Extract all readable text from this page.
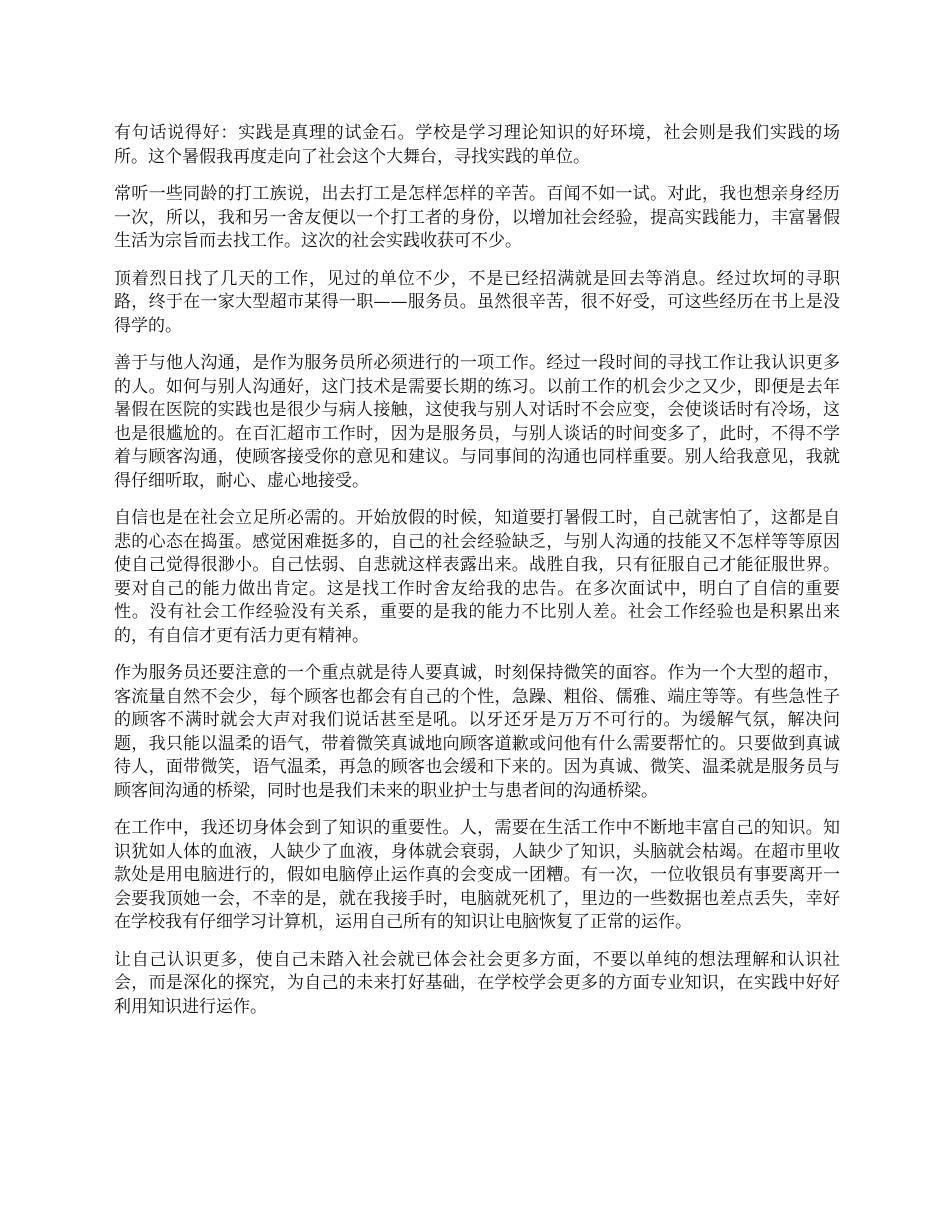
有句话说得好：实践是真理的试金石。学校是学习理论知识的好环境，社会则是我们实践的场所。这个暑假我再度走向了社会这个大舞台，寻找实践的单位。

常听一些同龄的打工族说，出去打工是怎样怎样的辛苦。百闻不如一试。对此，我也想亲身经历一次，所以，我和另一舍友便以一个打工者的身份，以增加社会经验，提高实践能力，丰富暑假生活为宗旨而去找工作。这次的社会实践收获可不少。

顶着烈日找了几天的工作，见过的单位不少，不是已经招满就是回去等消息。经过坎坷的寻职路，终于在一家大型超市某得一职——服务员。虽然很辛苦，很不好受，可这些经历在书上是没得学的。

善于与他人沟通，是作为服务员所必须进行的一项工作。经过一段时间的寻找工作让我认识更多的人。如何与别人沟通好，这门技术是需要长期的练习。以前工作的机会少之又少，即便是去年暑假在医院的实践也是很少与病人接触，这使我与别人对话时不会应变，会使谈话时有冷场，这也是很尴尬的。在百汇超市工作时，因为是服务员，与别人谈话的时间变多了，此时，不得不学着与顾客沟通，使顾客接受你的意见和建议。与同事间的沟通也同样重要。别人给我意见，我就得仔细听取，耐心、虚心地接受。

自信也是在社会立足所必需的。开始放假的时候，知道要打暑假工时，自己就害怕了，这都是自悲的心态在捣蛋。感觉困难挺多的，自己的社会经验缺乏，与别人沟通的技能又不怎样等等原因使自己觉得很渺小。自己怯弱、自悲就这样表露出来。战胜自我，只有征服自己才能征服世界。要对自己的能力做出肯定。这是找工作时舍友给我的忠告。在多次面试中，明白了自信的重要性。没有社会工作经验没有关系，重要的是我的能力不比别人差。社会工作经验也是积累出来的，有自信才更有活力更有精神。

作为服务员还要注意的一个重点就是待人要真诚，时刻保持微笑的面容。作为一个大型的超市，客流量自然不会少，每个顾客也都会有自己的个性，急躁、粗俗、儒雅、端庄等等。有些急性子的顾客不满时就会大声对我们说话甚至是吼。以牙还牙是万万不可行的。为缓解气氛，解决问题，我只能以温柔的语气，带着微笑真诚地向顾客道歉或问他有什么需要帮忙的。只要做到真诚待人，面带微笑，语气温柔，再急的顾客也会缓和下来的。因为真诚、微笑、温柔就是服务员与顾客间沟通的桥梁，同时也是我们未来的职业护士与患者间的沟通桥梁。

在工作中，我还切身体会到了知识的重要性。人，需要在生活工作中不断地丰富自己的知识。知识犹如人体的血液，人缺少了血液，身体就会衰弱，人缺少了知识，头脑就会枯竭。在超市里收款处是用电脑进行的，假如电脑停止运作真的会变成一团糟。有一次，一位收银员有事要离开一会要我顶她一会，不幸的是，就在我接手时，电脑就死机了，里边的一些数据也差点丢失，幸好在学校我有仔细学习计算机，运用自己所有的知识让电脑恢复了正常的运作。

让自己认识更多，使自己未踏入社会就已体会社会更多方面，不要以单纯的想法理解和认识社会，而是深化的探究，为自己的未来打好基础，在学校学会更多的方面专业知识，在实践中好好利用知识进行运作。
